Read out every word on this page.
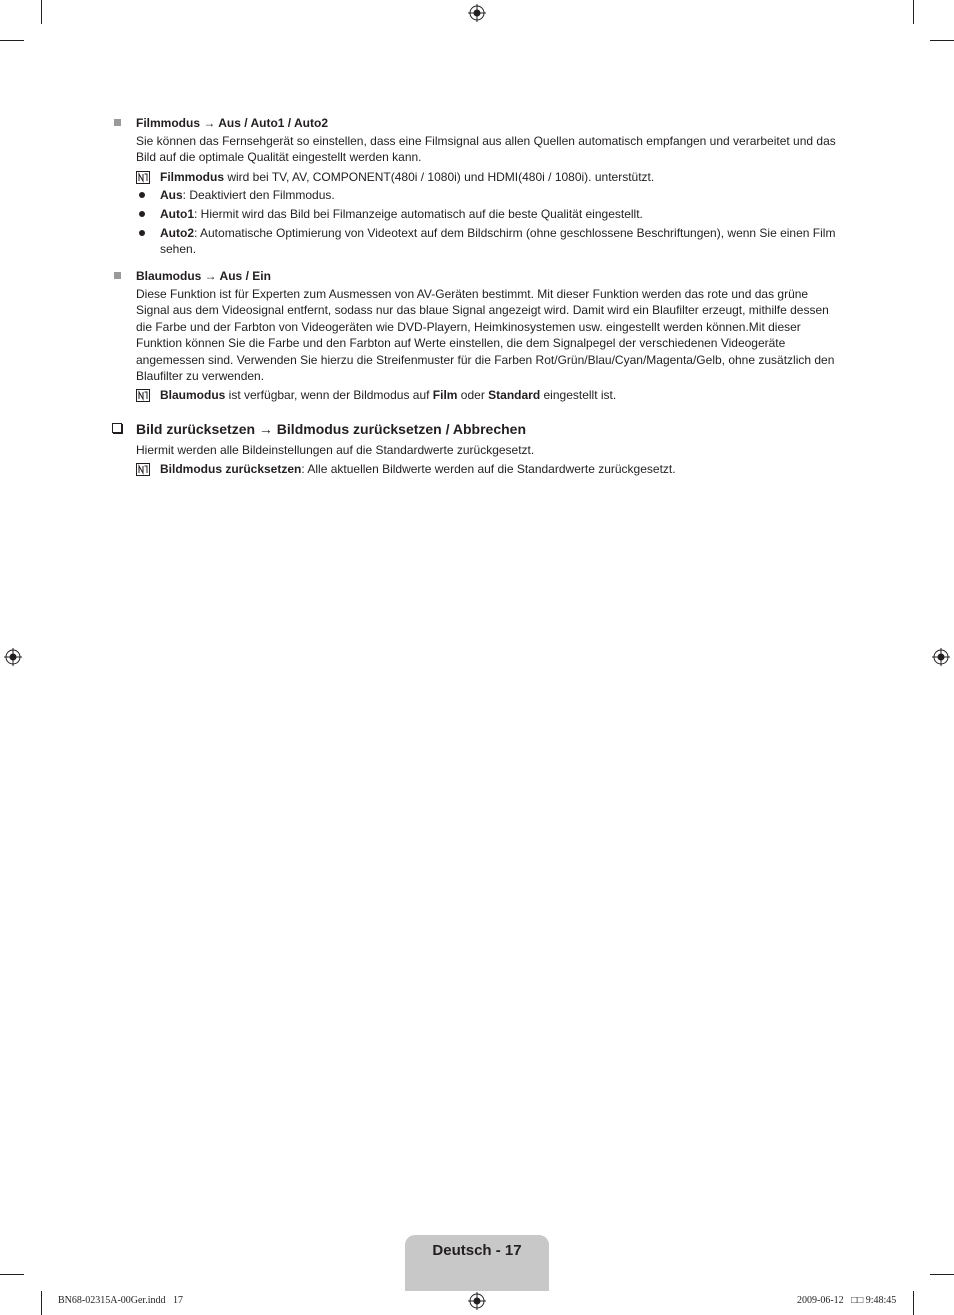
Filmmodus → Aus / Auto1 / Auto2
Sie können das Fernsehgerät so einstellen, dass eine Filmsignal aus allen Quellen automatisch empfangen und verarbeitet und das Bild auf die optimale Qualität eingestellt werden kann.
Filmmodus wird bei TV, AV, COMPONENT(480i / 1080i) und HDMI(480i / 1080i). unterstützt.
Aus: Deaktiviert den Filmmodus.
Auto1: Hiermit wird das Bild bei Filmanzeige automatisch auf die beste Qualität eingestellt.
Auto2: Automatische Optimierung von Videotext auf dem Bildschirm (ohne geschlossene Beschriftungen), wenn Sie einen Film sehen.
Blaumodus → Aus / Ein
Diese Funktion ist für Experten zum Ausmessen von AV-Geräten bestimmt. Mit dieser Funktion werden das rote und das grüne Signal aus dem Videosignal entfernt, sodass nur das blaue Signal angezeigt wird. Damit wird ein Blaufilter erzeugt, mithilfe dessen die Farbe und der Farbton von Videogeräten wie DVD-Playern, Heimkinosystemen usw. eingestellt werden können.Mit dieser Funktion können Sie die Farbe und den Farbton auf Werte einstellen, die dem Signalpegel der verschiedenen Videogeräte angemessen sind. Verwenden Sie hierzu die Streifenmuster für die Farben Rot/Grün/Blau/Cyan/Magenta/Gelb, ohne zusätzlich den Blaufilter zu verwenden.
Blaumodus ist verfügbar, wenn der Bildmodus auf Film oder Standard eingestellt ist.
Bild zurücksetzen → Bildmodus zurücksetzen / Abbrechen
Hiermit werden alle Bildeinstellungen auf die Standardwerte zurückgesetzt.
Bildmodus zurücksetzen: Alle aktuellen Bildwerte werden auf die Standardwerte zurückgesetzt.
Deutsch - 17
BN68-02315A-00Ger.indd   17	2009-06-12   □□ 9:48:45
